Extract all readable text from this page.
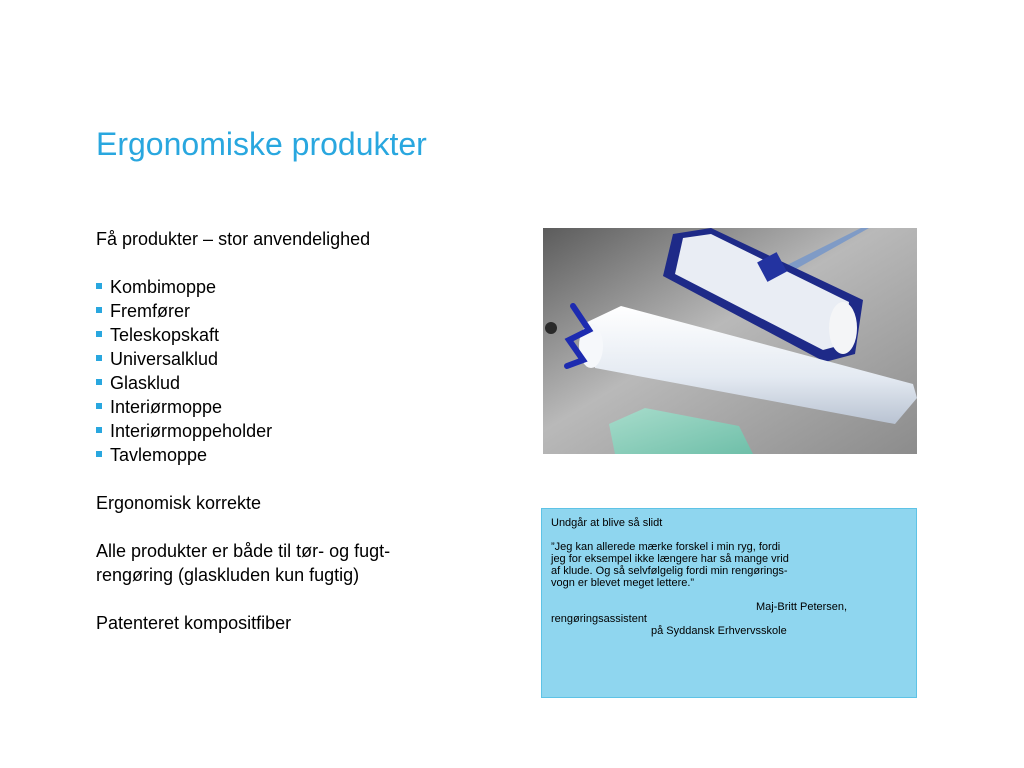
Ergonomiske produkter

Få produkter – stor anvendelighed

Kombimoppe
Fremfører
Teleskopskaft
Universalklud
Glasklud
Interiørmoppe
Interiørmoppeholder
Tavlemoppe

Ergonomisk korrekte

Alle produkter er både til tør- og fugt-

rengøring (glaskluden kun fugtig)

Patenteret kompositfiber

Undgår at blive så slidt

”Jeg kan allerede mærke forskel i min ryg, fordi

jeg for eksempel ikke længere har så mange vrid

af klude. Og så selvfølgelig fordi min rengørings-

vogn er blevet meget lettere.”

Maj-Britt Petersen,

rengøringsassistent

på Syddansk Erhvervsskole
